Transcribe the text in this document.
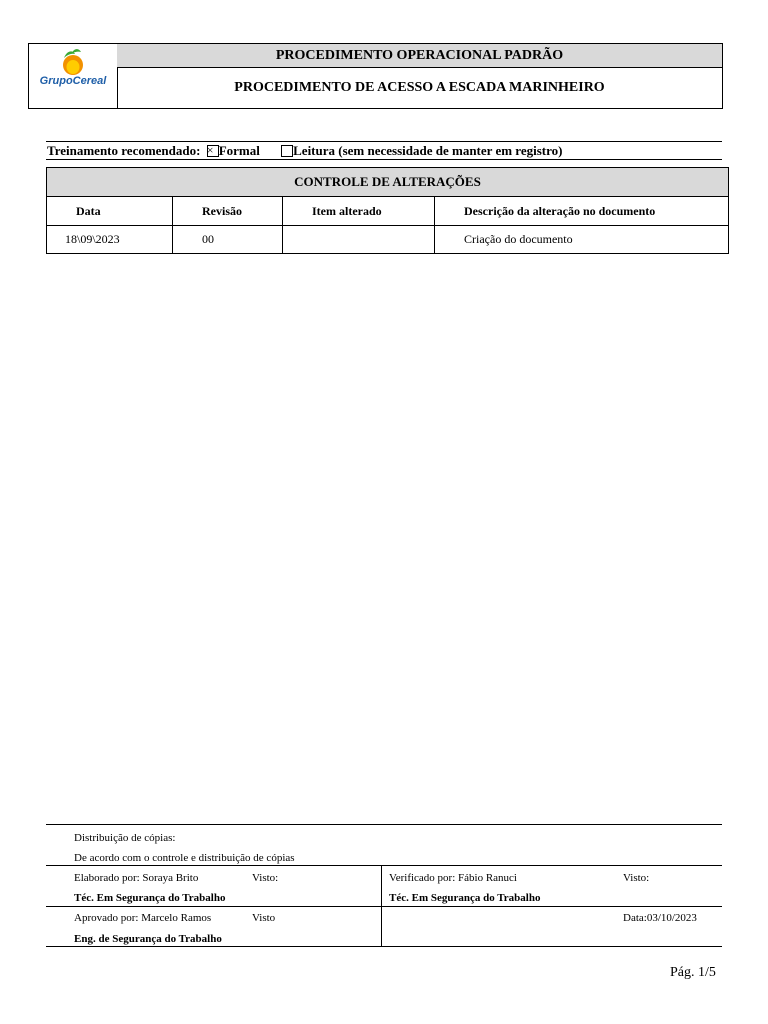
GrupoCereal
PROCEDIMENTO OPERACIONAL PADRÃO
PROCEDIMENTO DE ACESSO A ESCADA MARINHEIRO
Treinamento recomendado: × Formal	Leitura (sem necessidade de manter em registro)
CONTROLE DE ALTERAÇÕES			
Data	Revisão	Item alterado	Descrição da alteração no documento
18\09\2023	00		Criação do documento
Distribuição de cópias:
De acordo com o controle e distribuição de cópias
Elaborado por: Soraya Brito	Visto:
Téc. Em Segurança do Trabalho
Verificado por: Fábio Ranuci	Visto:
Téc. Em Segurança do Trabalho
Aprovado por: Marcelo Ramos	Visto
Eng. de Segurança do Trabalho
Data:03/10/2023
Pág. 1/5
